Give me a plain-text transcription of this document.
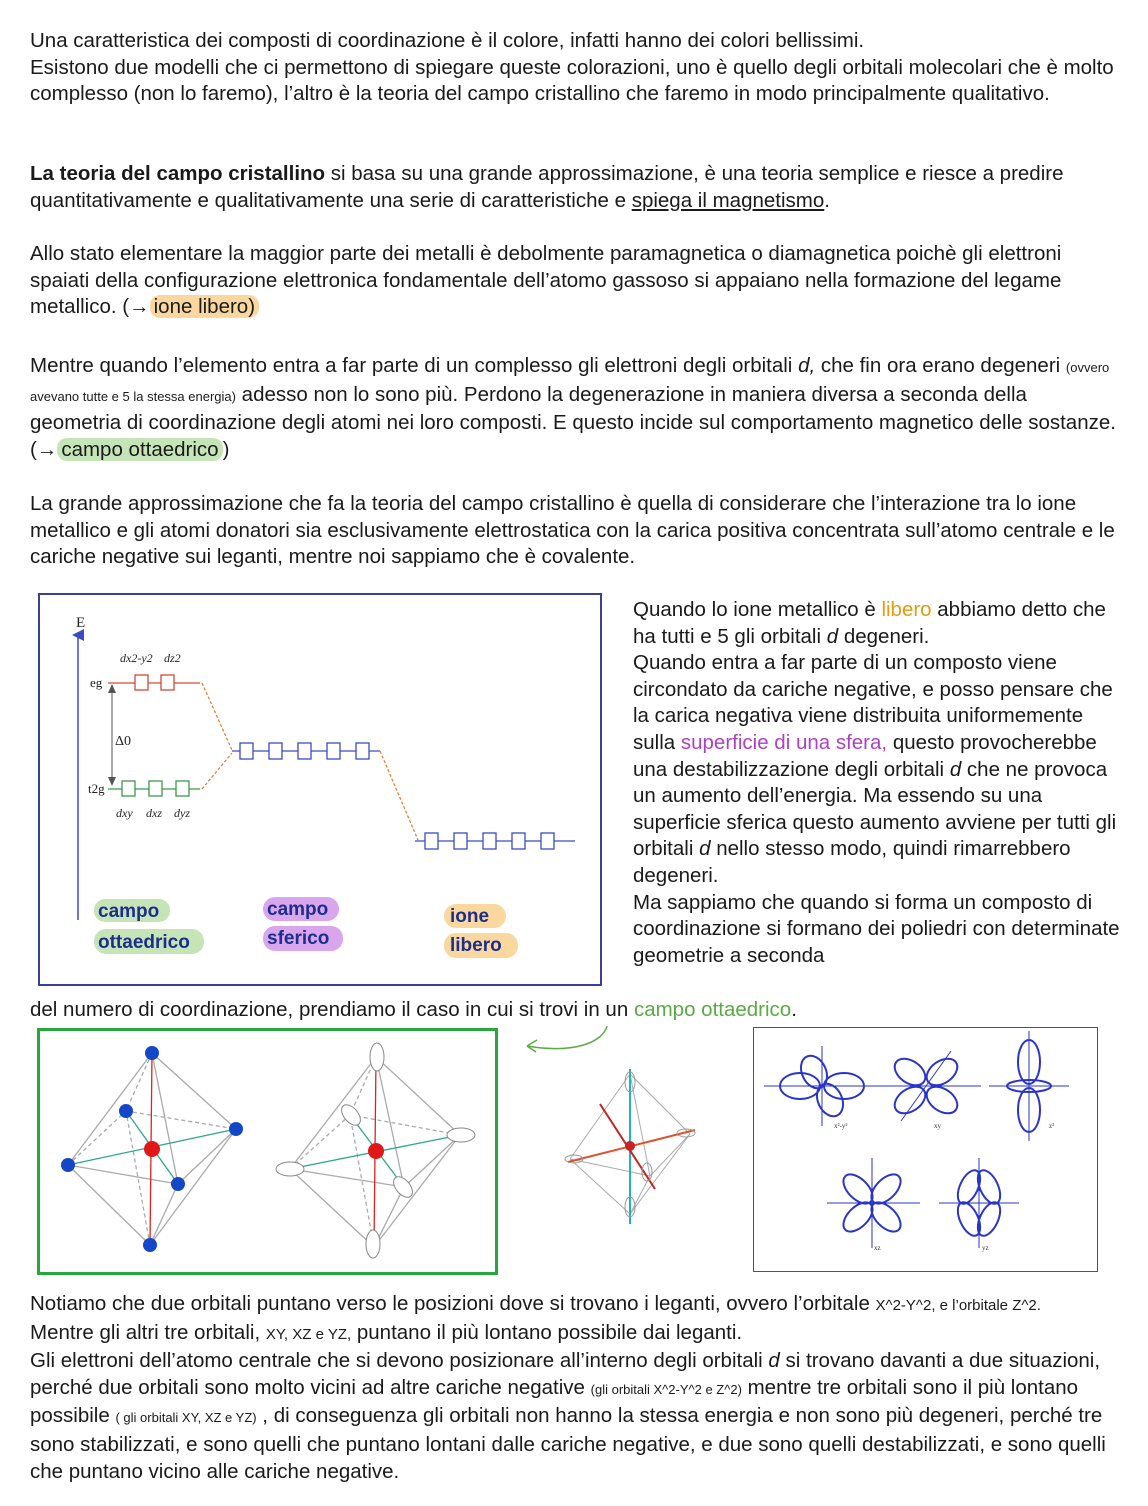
Una caratteristica dei composti di coordinazione è il colore, infatti hanno dei colori bellissimi.
Esistono due modelli che ci permettono di spiegare queste colorazioni, uno è quello degli orbitali molecolari che è molto complesso (non lo faremo), l’altro è la teoria del campo cristallino che faremo in modo principalmente qualitativo.
La teoria del campo cristallino si basa su una grande approssimazione, è una teoria semplice e riesce a predire quantitativamente e qualitativamente una serie di caratteristiche e spiega il magnetismo.
Allo stato elementare la maggior parte dei metalli è debolmente paramagnetica o diamagnetica poichè gli elettroni spaiati della configurazione elettronica fondamentale dell’atomo gassoso si appaiano nella formazione del legame metallico. (→ ione libero)
Mentre quando l’elemento entra a far parte di un complesso gli elettroni degli orbitali d, che fin ora erano degeneri (ovvero avevano tutte e 5 la stessa energia) adesso non lo sono più. Perdono la degenerazione in maniera diversa a seconda della geometria di coordinazione degli atomi nei loro composti. E questo incide sul comportamento magnetico delle sostanze. (→ campo ottaedrico )
La grande approssimazione che fa la teoria del campo cristallino è quella di considerare che l’interazione tra lo ione metallico e gli atomi donatori sia esclusivamente elettrostatica con la carica positiva concentrata sull’atomo centrale e le cariche negative sui leganti, mentre noi sappiamo che è covalente.
E
Δ0
eg
dx2-y2 dz2
t2g
dxy dxz dyz
campo
ottaedrico
campo
sferico
ione
libero
Quando lo ione metallico è libero abbiamo detto che ha tutti e 5 gli orbitali d degeneri.
Quando entra a far parte di un composto viene circondato da cariche negative, e posso pensare che la carica negativa viene distribuita uniformemente sulla superficie di una sfera, questo provocherebbe una destabilizzazione degli orbitali d che ne provoca un aumento dell’energia. Ma essendo su una superficie sferica questo aumento avviene per tutti gli orbitali d nello stesso modo, quindi rimarrebbero degeneri.
Ma sappiamo che quando si forma un composto di coordinazione si formano dei poliedri con determinate geometrie a seconda
del numero di coordinazione, prendiamo il caso in cui si trovi in un campo ottaedrico.
x²-y²	xy	z²
xz	yz
Notiamo che due orbitali puntano verso le posizioni dove si trovano i leganti, ovvero l’orbitale X^2-Y^2, e l’orbitale Z^2.
Mentre gli altri tre orbitali, XY, XZ e YZ, puntano il più lontano possibile dai leganti.
Gli elettroni dell’atomo centrale che si devono posizionare all’interno degli orbitali d si trovano davanti a due situazioni, perché due orbitali sono molto vicini ad altre cariche negative (gli orbitali X^2-Y^2 e Z^2) mentre tre orbitali sono il più lontano possibile ( gli orbitali XY, XZ e YZ) , di conseguenza gli orbitali non hanno la stessa energia e non sono più degeneri, perché tre sono stabilizzati, e sono quelli che puntano lontani dalle cariche negative, e due sono quelli destabilizzati, e sono quelli che puntano vicino alle cariche negative.
